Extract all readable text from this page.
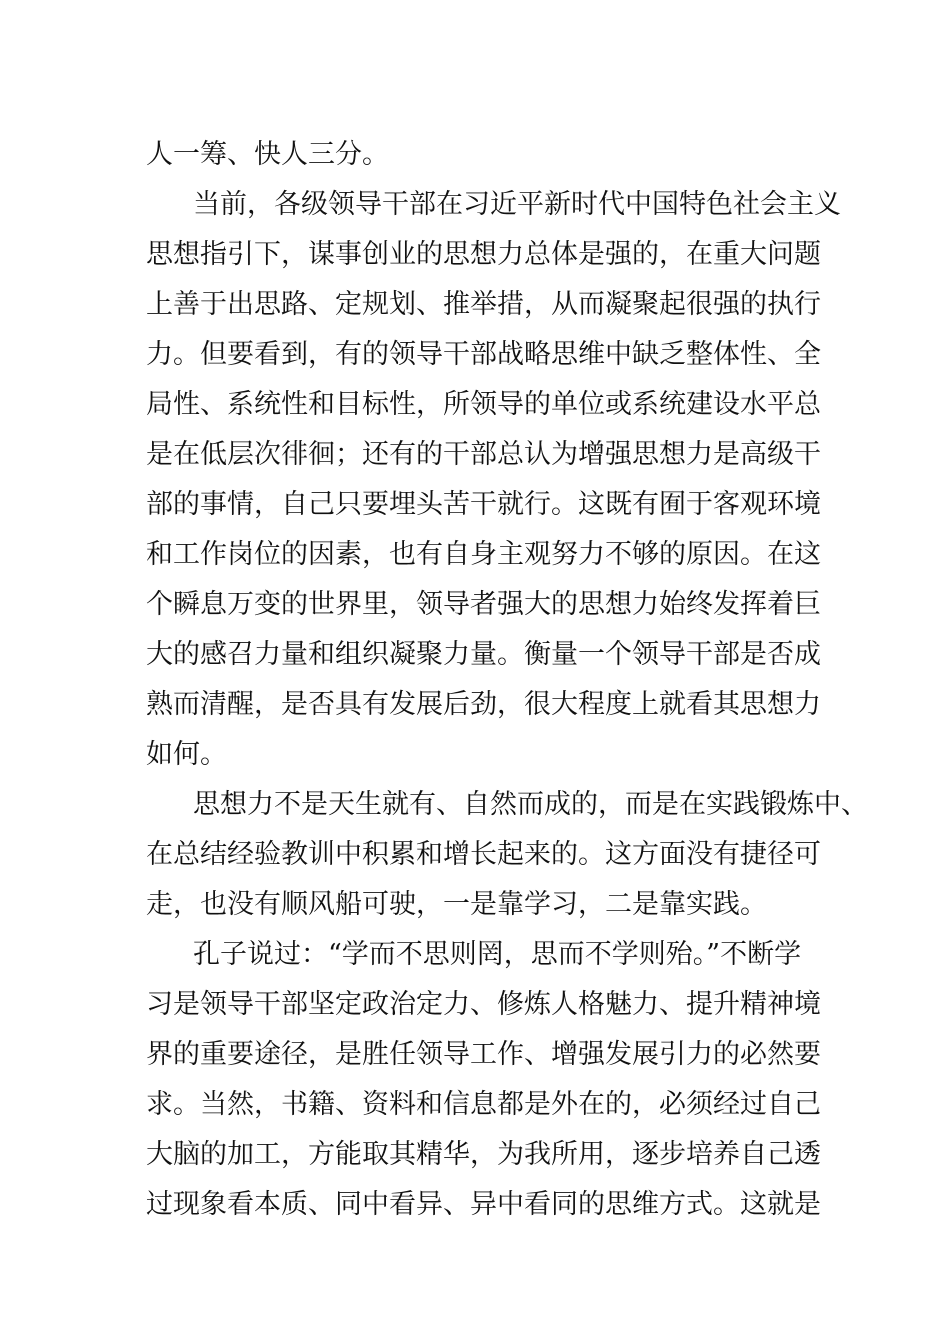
人一筹、快人三分。
当前，各级领导干部在习近平新时代中国特色社会主义
思想指引下，谋事创业的思想力总体是强的，在重大问题
上善于出思路、定规划、推举措，从而凝聚起很强的执行
力。但要看到，有的领导干部战略思维中缺乏整体性、全
局性、系统性和目标性，所领导的单位或系统建设水平总
是在低层次徘徊；还有的干部总认为增强思想力是高级干
部的事情，自己只要埋头苦干就行。这既有囿于客观环境
和工作岗位的因素，也有自身主观努力不够的原因。在这
个瞬息万变的世界里，领导者强大的思想力始终发挥着巨
大的感召力量和组织凝聚力量。衡量一个领导干部是否成
熟而清醒，是否具有发展后劲，很大程度上就看其思想力
如何。
思想力不是天生就有、自然而成的，而是在实践锻炼中、
在总结经验教训中积累和增长起来的。这方面没有捷径可
走，也没有顺风船可驶，一是靠学习，二是靠实践。
孔子说过：“学而不思则罔，思而不学则殆。”不断学
习是领导干部坚定政治定力、修炼人格魅力、提升精神境
界的重要途径，是胜任领导工作、增强发展引力的必然要
求。当然，书籍、资料和信息都是外在的，必须经过自己
大脑的加工，方能取其精华，为我所用，逐步培养自己透
过现象看本质、同中看异、异中看同的思维方式。这就是
